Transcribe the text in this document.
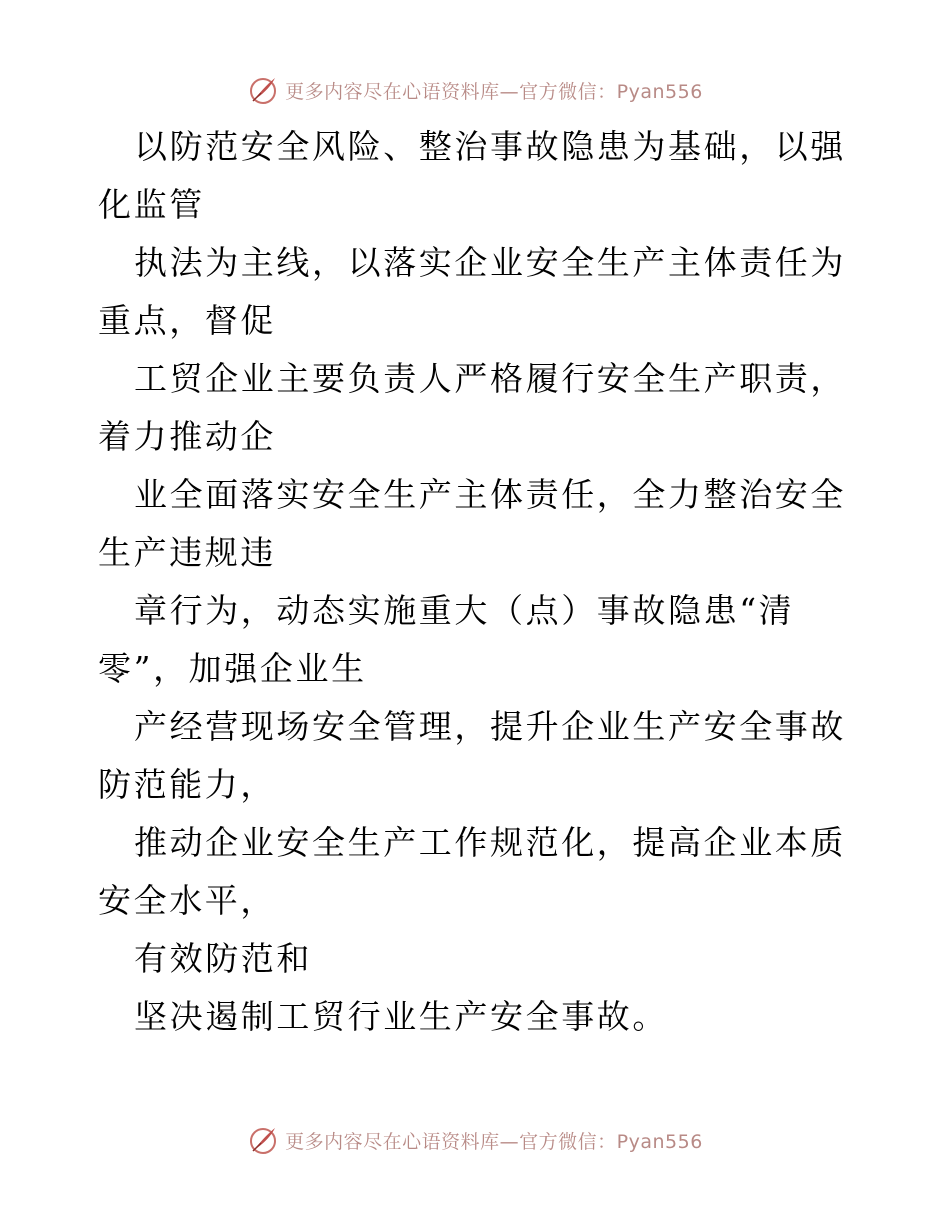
更多内容尽在心语资料库—官方微信：Pyan556

以防范安全风险、整治事故隐患为基础，以强化监管

执法为主线，以落实企业安全生产主体责任为重点，督促

工贸企业主要负责人严格履行安全生产职责，着力推动企

业全面落实安全生产主体责任，全力整治安全生产违规违

章行为，动态实施重大（点）事故隐患“清零”，加强企业生

产经营现场安全管理，提升企业生产安全事故防范能力，

推动企业安全生产工作规范化，提高企业本质安全水平，

有效防范和

坚决遏制工贸行业生产安全事故。

更多内容尽在心语资料库—官方微信：Pyan556
